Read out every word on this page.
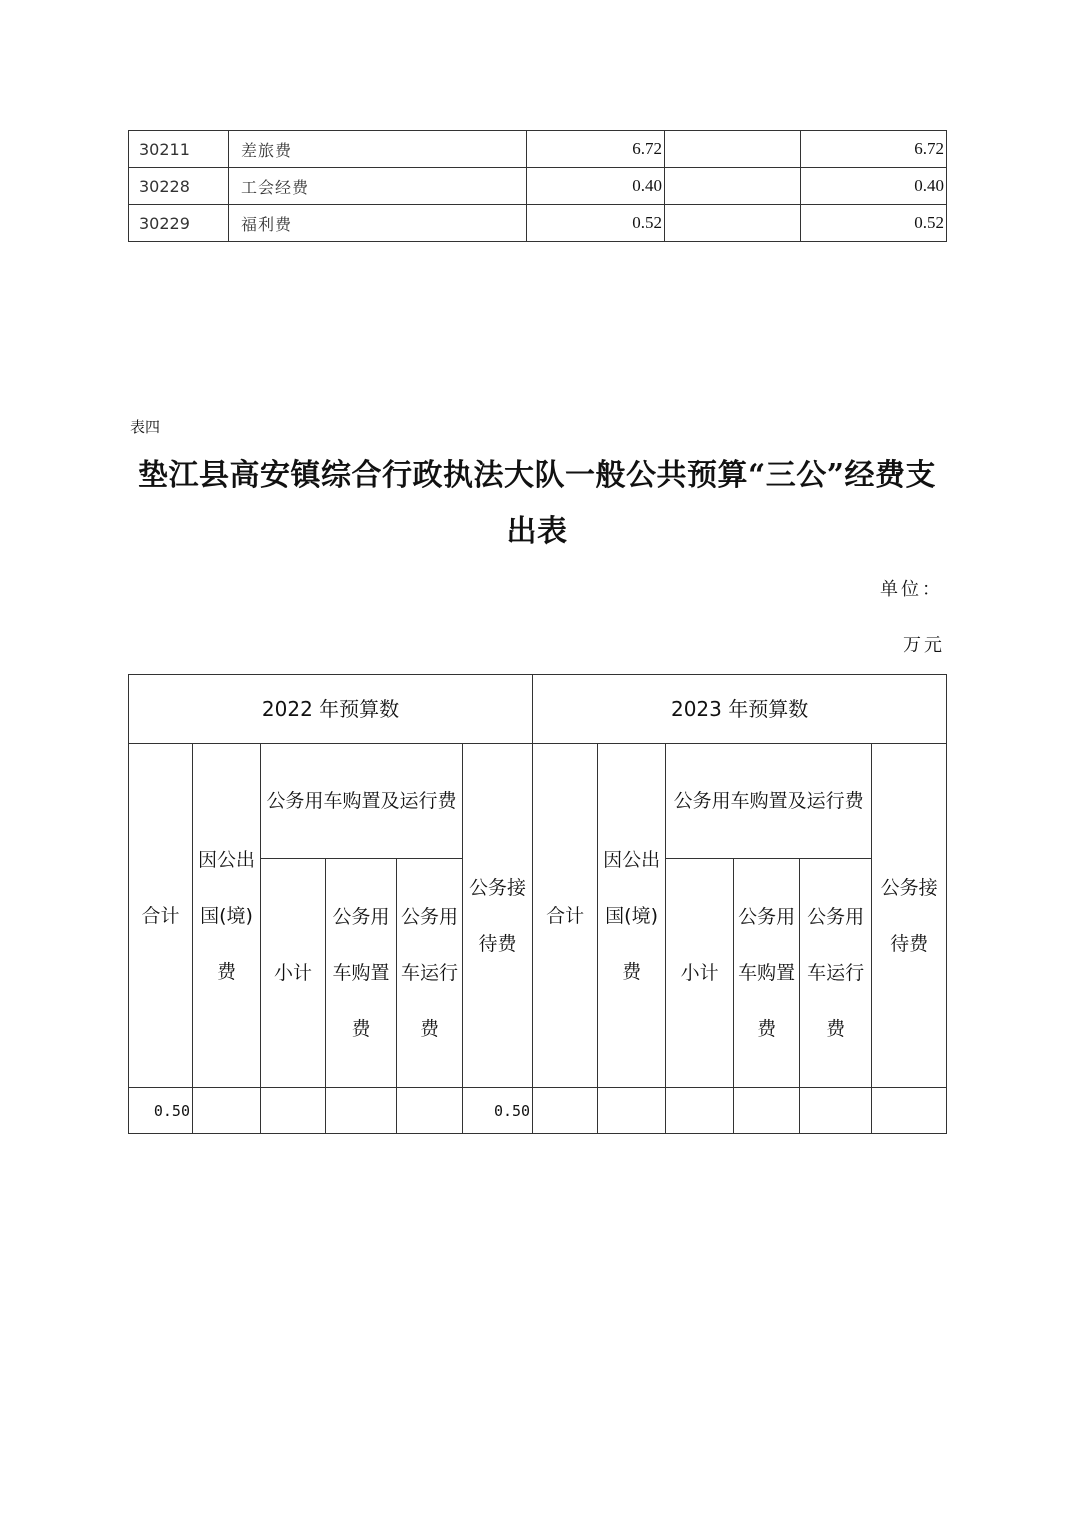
30211	差旅费	6.72		6.72
30228	工会经费	0.40		0.40
30229	福利费	0.52		0.52
表四
垫江县高安镇综合行政执法大队一般公共预算“三公”经费支
出表
单位：
万元
2022 年预算数						2023 年预算数					
合计	因公出国(境)费	公务用车购置及运行费			公务接待费	合计	因公出国(境)费	公务用车购置及运行费			公务接待费
		小计	公务用车购置费	公务用车运行费				小计	公务用车购置费	公务用车运行费	
0.50					0.50						
